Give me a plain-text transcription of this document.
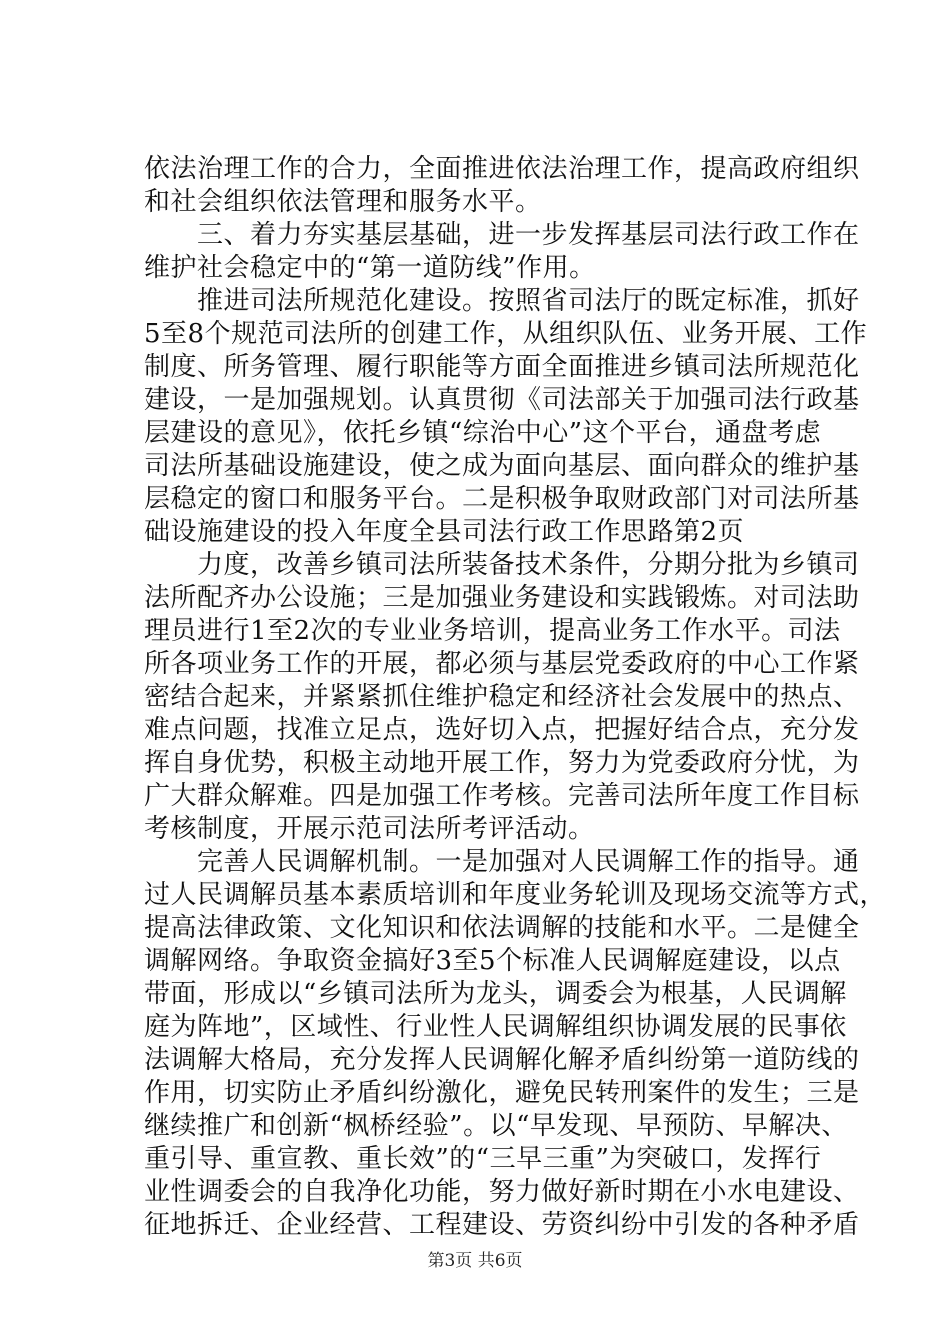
依法治理工作的合力，全面推进依法治理工作，提高政府组织
和社会组织依法管理和服务水平。
　　三、着力夯实基层基础，进一步发挥基层司法行政工作在
维护社会稳定中的“第一道防线”作用。
　　推进司法所规范化建设。按照省司法厅的既定标准，抓好
5至8个规范司法所的创建工作，从组织队伍、业务开展、工作
制度、所务管理、履行职能等方面全面推进乡镇司法所规范化
建设，一是加强规划。认真贯彻《司法部关于加强司法行政基
层建设的意见》，依托乡镇“综治中心”这个平台，通盘考虑
司法所基础设施建设，使之成为面向基层、面向群众的维护基
层稳定的窗口和服务平台。二是积极争取财政部门对司法所基
础设施建设的投入年度全县司法行政工作思路第2页
　　力度，改善乡镇司法所装备技术条件，分期分批为乡镇司
法所配齐办公设施；三是加强业务建设和实践锻炼。对司法助
理员进行1至2次的专业业务培训，提高业务工作水平。司法
所各项业务工作的开展，都必须与基层党委政府的中心工作紧
密结合起来，并紧紧抓住维护稳定和经济社会发展中的热点、
难点问题，找准立足点，选好切入点，把握好结合点，充分发
挥自身优势，积极主动地开展工作，努力为党委政府分忧，为
广大群众解难。四是加强工作考核。完善司法所年度工作目标
考核制度，开展示范司法所考评活动。
　　完善人民调解机制。一是加强对人民调解工作的指导。通
过人民调解员基本素质培训和年度业务轮训及现场交流等方式，
提高法律政策、文化知识和依法调解的技能和水平。二是健全
调解网络。争取资金搞好3至5个标准人民调解庭建设，以点
带面，形成以“乡镇司法所为龙头，调委会为根基，人民调解
庭为阵地”，区域性、行业性人民调解组织协调发展的民事依
法调解大格局，充分发挥人民调解化解矛盾纠纷第一道防线的
作用，切实防止矛盾纠纷激化，避免民转刑案件的发生；三是
继续推广和创新“枫桥经验”。以“早发现、早预防、早解决、
重引导、重宣教、重长效”的“三早三重”为突破口，发挥行
业性调委会的自我净化功能，努力做好新时期在小水电建设、
征地拆迁、企业经营、工程建设、劳资纠纷中引发的各种矛盾
第3页 共6页
